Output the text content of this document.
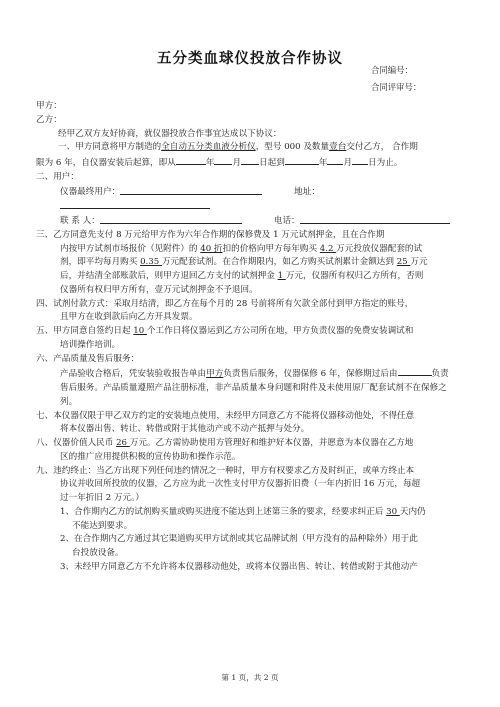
五分类血球仪投放合作协议
合同编号：
合同评审号：

甲方：

乙方：

经甲乙双方友好协商，就仪器投放合作事宜达成以下协议：

一、甲方同意将甲方制造的全自动五分类血液分析仪，型号 000 及数量壹台交付乙方， 合作期

限为 6 年，自仪器安装后起算，即从	年 月 日起到	年 月 日为止。

二、用户：

仪器最终用户：	地址：

联 系 人：	电话：

三、乙方同意先支付 8 万元给甲方作为六年合作期的保修费及 1 万元试剂押金，且在合作期

内按甲方试剂市场报价（见附件）的 40 折扣的价格向甲方每年购买 4.2 万元投放仪器配套的试

剂，即平均每月购买 0.35 万元配套试剂。在合作期限内，如乙方购买试剂累计金额达到 25 万元

后，并结清全部账款后，则甲方退回乙方支付的试剂押金 1 万元，仪器所有权归乙方所有，否则

仪器所有权归甲方所有，壹万元试剂押金不予退回。

四、试剂付款方式：采取月结清，即乙方在每个月的 28 号前将所有欠款全部付到甲方指定的账号，

且甲方在收到款后向乙方开具发票。

五、甲方同意自签约日起 10 个工作日将仪器运到乙方公司所在地，甲方负责仪器的免费安装调试和

培训操作培训。

六、产品质量及售后服务：

产品验收合格后，凭安装验收报告单由甲方负责售后服务，仪器保修 6 年，保修期过后由	负责

售后服务。产品质量遵照产品注册标准，非产品质量本身问题和附件及未使用原厂配套试剂不在保修之

列。

七、本仪器仅限于甲乙双方约定的安装地点使用，未经甲方同意乙方不能将仪器移动他处，不得任意

将本仪器出售、转让、转借或附于其他动产或不动产抵押与处分。

八、仪器价值人民币 26 万元。乙方需协助使用方管理好和维护好本仪器，并愿意为本仪器在乙方地

区的推广应用提供积极的宣传协助和操作示范。

九、违约终止：当乙方出现下列任何违约情况之一种时，甲方有权要求乙方及时纠正，或单方终止本

协议并收回所投放的仪器，乙方应为此一次性支付甲方仪器折旧费（一年内折旧 16 万元，每超

过一年折旧 2 万元。）

1、合作期内乙方的试剂购买量或购买进度不能达到上述第三条的要求，经要求纠正后 30 天内仍

不能达到要求。

2、在合作期内乙方通过其它渠道购买甲方试剂或其它品牌试剂（甲方没有的品种除外）用于此

台投放设备。

3、未经甲方同意乙方不允许将本仪器移动他处，或将本仪器出售、转让、转借或附于其他动产

第 1 页，共 2 页
